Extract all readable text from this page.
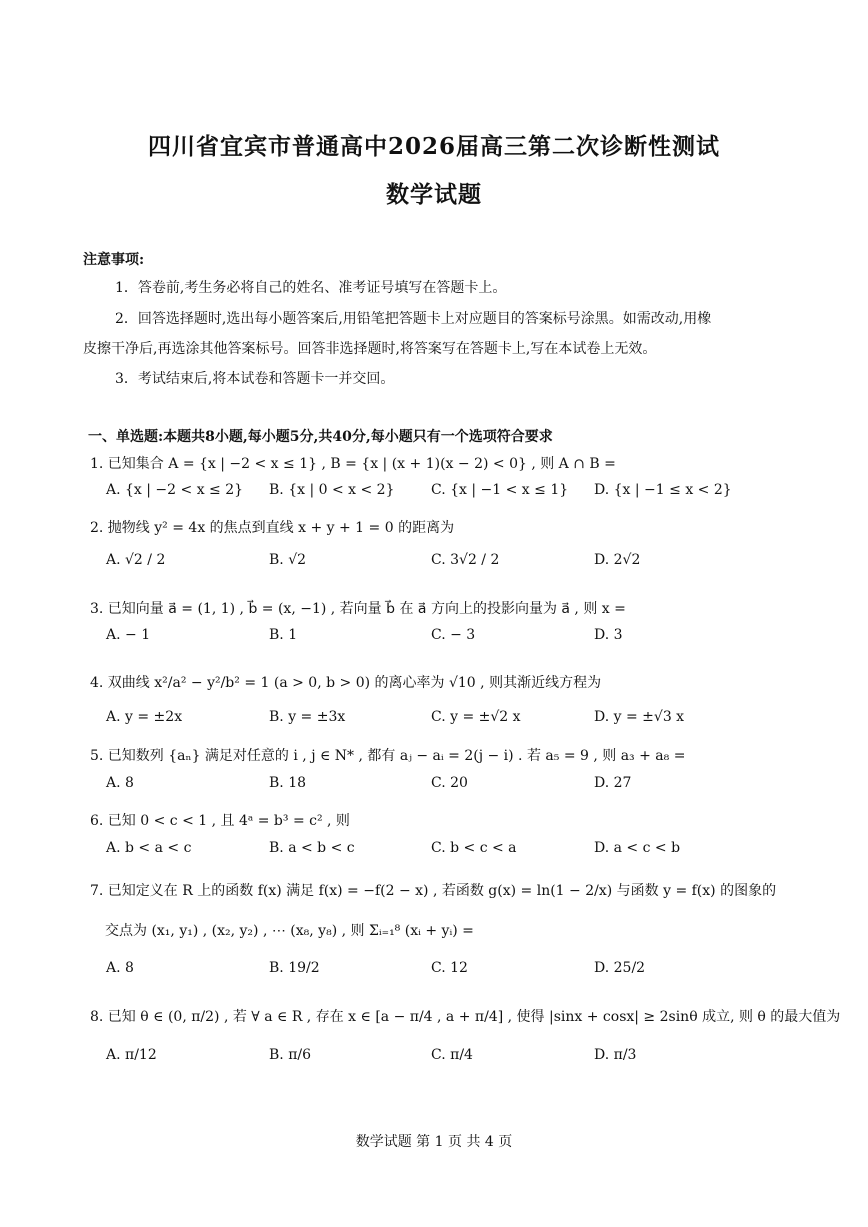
四川省宜宾市普通高中2026届高三第二次诊断性测试
数学试题
注意事项:
1．答卷前,考生务必将自己的姓名、准考证号填写在答题卡上。
2．回答选择题时,选出每小题答案后,用铅笔把答题卡上对应题目的答案标号涂黑。如需改动,用橡
皮擦干净后,再选涂其他答案标号。回答非选择题时,将答案写在答题卡上,写在本试卷上无效。
3．考试结束后,将本试卷和答题卡一并交回。
一、单选题:本题共8小题,每小题5分,共40分,每小题只有一个选项符合要求
1. 已知集合 A = {x | −2 < x ≤ 1} , B = {x | (x + 1)(x − 2) < 0} , 则 A ∩ B =
A. {x | −2 < x ≤ 2} B. {x | 0 < x < 2}	C. {x | −1 < x ≤ 1} D. {x | −1 ≤ x < 2}
2. 抛物线 y² = 4x 的焦点到直线 x + y + 1 = 0 的距离为
A. √2 / 2	B. √2	C. 3√2 / 2	D. 2√2
3. 已知向量 a⃗ = (1, 1) , b⃗ = (x, −1) , 若向量 b⃗ 在 a⃗ 方向上的投影向量为 a⃗ , 则 x =
A. − 1	B. 1	C. − 3	D. 3
4. 双曲线 x²/a² − y²/b² = 1 (a > 0, b > 0) 的离心率为 √10 , 则其渐近线方程为
A. y = ±2x	B. y = ±3x	C. y = ±√2 x	D. y = ±√3 x
5. 已知数列 {aₙ} 满足对任意的 i , j ∈ N* , 都有 aⱼ − aᵢ = 2(j − i) . 若 a₅ = 9 , 则 a₃ + a₈ =
A. 8	B. 18	C. 20	D. 27
6. 已知 0 < c < 1 , 且 4ᵃ = b³ = c² , 则
A. b < a < c	B. a < b < c	C. b < c < a	D. a < c < b
7. 已知定义在 R 上的函数 f(x) 满足 f(x) = −f(2 − x) , 若函数 g(x) = ln(1 − 2/x) 与函数 y = f(x) 的图象的
交点为 (x₁, y₁) , (x₂, y₂) , ⋯ (x₈, y₈) , 则 Σᵢ₌₁⁸ (xᵢ + yᵢ) =
A. 8	B. 19/2	C. 12	D. 25/2
8. 已知 θ ∈ (0, π/2) , 若 ∀ a ∈ R , 存在 x ∈ [a − π/4 , a + π/4] , 使得 |sinx + cosx| ≥ 2sinθ 成立, 则 θ 的最大值为
A. π/12	B. π/6	C. π/4	D. π/3
数学试题 第 1 页 共 4 页
